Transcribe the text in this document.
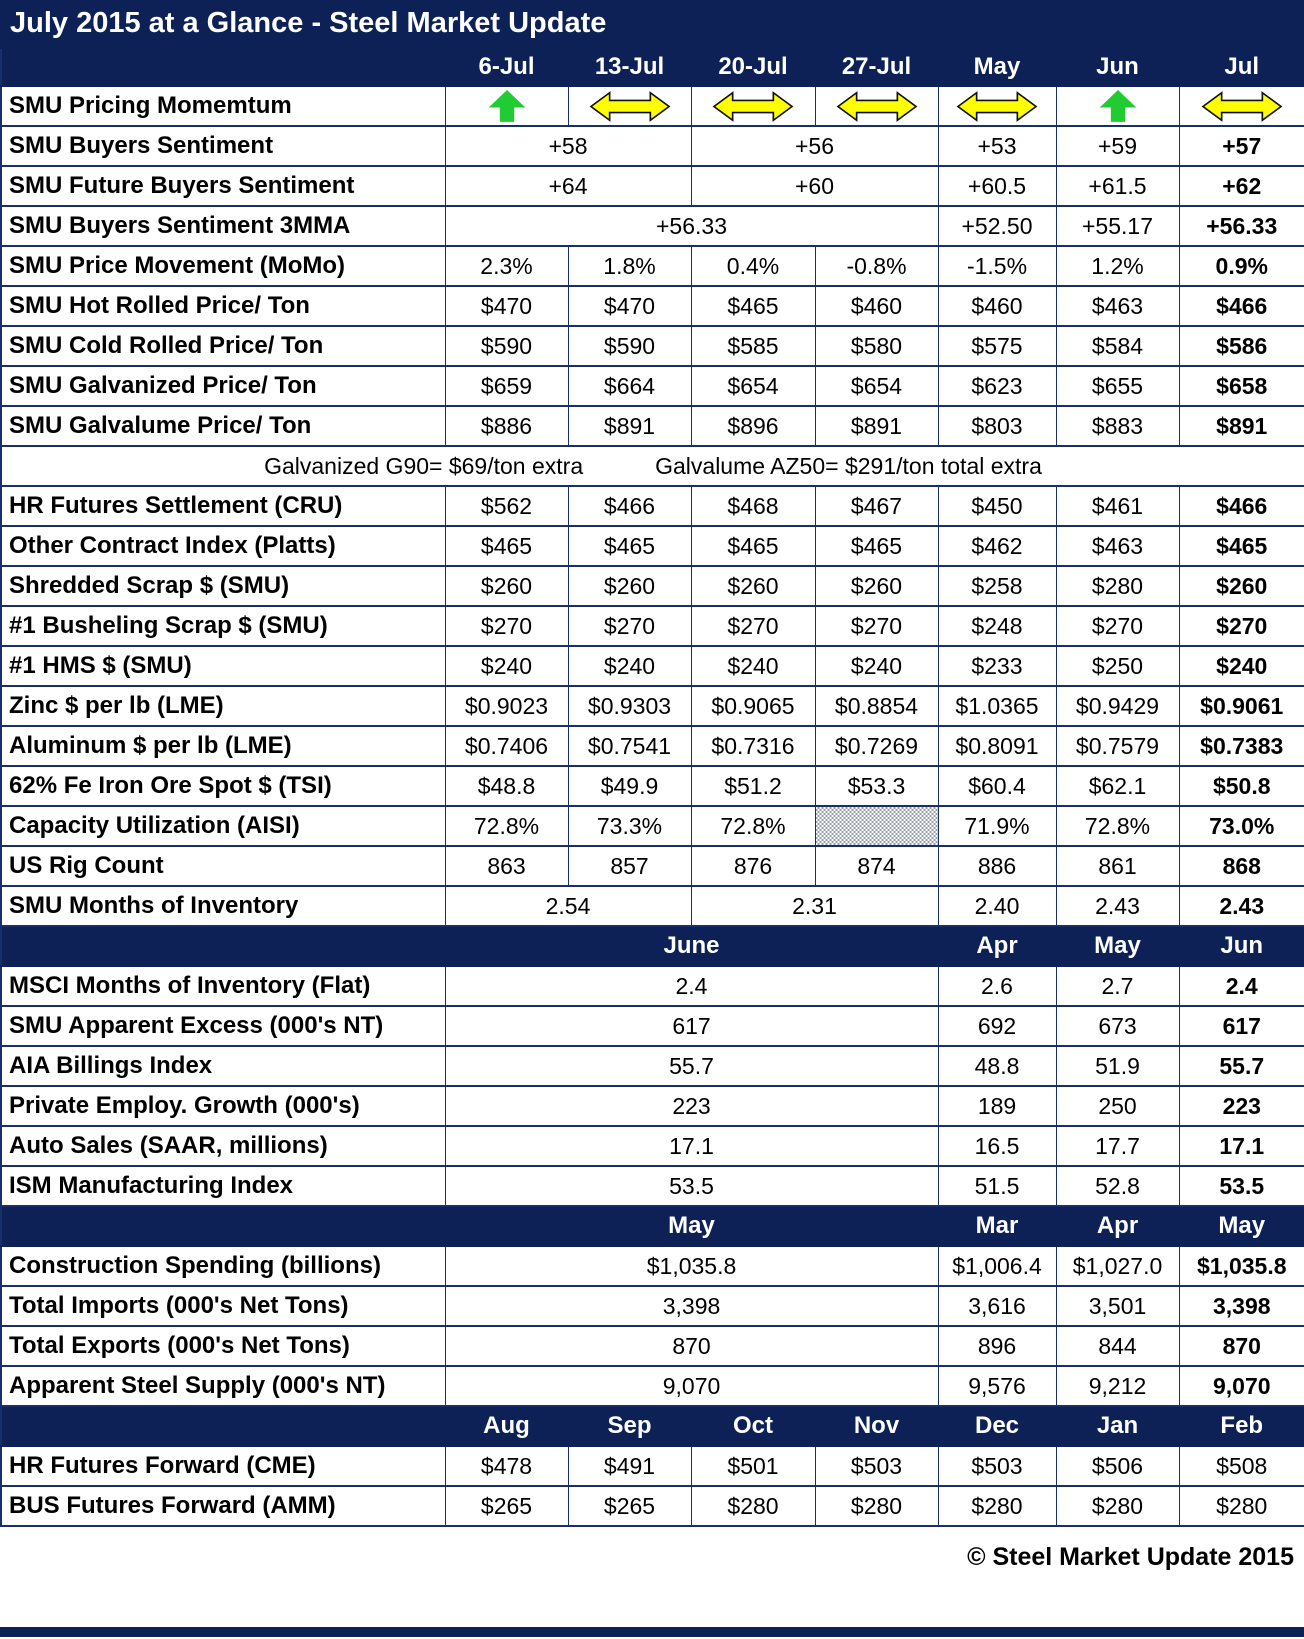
July 2015 at a Glance - Steel Market Update
	6-Jul	13-Jul	20-Jul	27-Jul	May	Jun	Jul
SMU Pricing Momemtum	

SMU Buyers Sentiment	+58		+56		+53	+59	+57
SMU Future Buyers Sentiment	+64		+60		+60.5	+61.5	+62
SMU Buyers Sentiment 3MMA	+56.33				+52.50	+55.17	+56.33
SMU Price Movement (MoMo)	2.3%	1.8%	0.4%	-0.8%	-1.5%	1.2%	0.9%
SMU Hot Rolled Price/ Ton	$470	$470	$465	$460	$460	$463	$466
SMU Cold Rolled Price/ Ton	$590	$590	$585	$580	$575	$584	$586
SMU Galvanized Price/ Ton	$659	$664	$654	$654	$623	$655	$658
SMU Galvalume Price/ Ton	$886	$891	$896	$891	$803	$883	$891
Galvanized G90= $69/ton extra Galvalume AZ50= $291/ton total extra							
HR Futures Settlement (CRU)	$562	$466	$468	$467	$450	$461	$466
Other Contract Index (Platts)	$465	$465	$465	$465	$462	$463	$465
Shredded Scrap $ (SMU)	$260	$260	$260	$260	$258	$280	$260
#1 Busheling Scrap $ (SMU)	$270	$270	$270	$270	$248	$270	$270
#1 HMS $ (SMU)	$240	$240	$240	$240	$233	$250	$240
Zinc $ per lb (LME)	$0.9023	$0.9303	$0.9065	$0.8854	$1.0365	$0.9429	$0.9061
Aluminum $ per lb (LME)	$0.7406	$0.7541	$0.7316	$0.7269	$0.8091	$0.7579	$0.7383
62% Fe Iron Ore Spot $ (TSI)	$48.8	$49.9	$51.2	$53.3	$60.4	$62.1	$50.8
Capacity Utilization (AISI)	72.8%	73.3%	72.8%		71.9%	72.8%	73.0%
US Rig Count	863	857	876	874	886	861	868
SMU Months of Inventory	2.54		2.31		2.40	2.43	2.43
	June				Apr	May	Jun
MSCI Months of Inventory (Flat)	2.4				2.6	2.7	2.4
SMU Apparent Excess (000's NT)	617				692	673	617
AIA Billings Index	55.7				48.8	51.9	55.7
Private Employ. Growth (000's)	223				189	250	223
Auto Sales (SAAR, millions)	17.1				16.5	17.7	17.1
ISM Manufacturing Index	53.5				51.5	52.8	53.5
	May				Mar	Apr	May
Construction Spending (billions)	$1,035.8				$1,006.4	$1,027.0	$1,035.8
Total Imports (000's Net Tons)	3,398				3,616	3,501	3,398
Total Exports (000's Net Tons)	870				896	844	870
Apparent Steel Supply (000's NT)	9,070				9,576	9,212	9,070
	Aug	Sep	Oct	Nov	Dec	Jan	Feb
HR Futures Forward (CME)	$478	$491	$501	$503	$503	$506	$508
BUS Futures Forward (AMM)	$265	$265	$280	$280	$280	$280	$280
© Steel Market Update 2015
